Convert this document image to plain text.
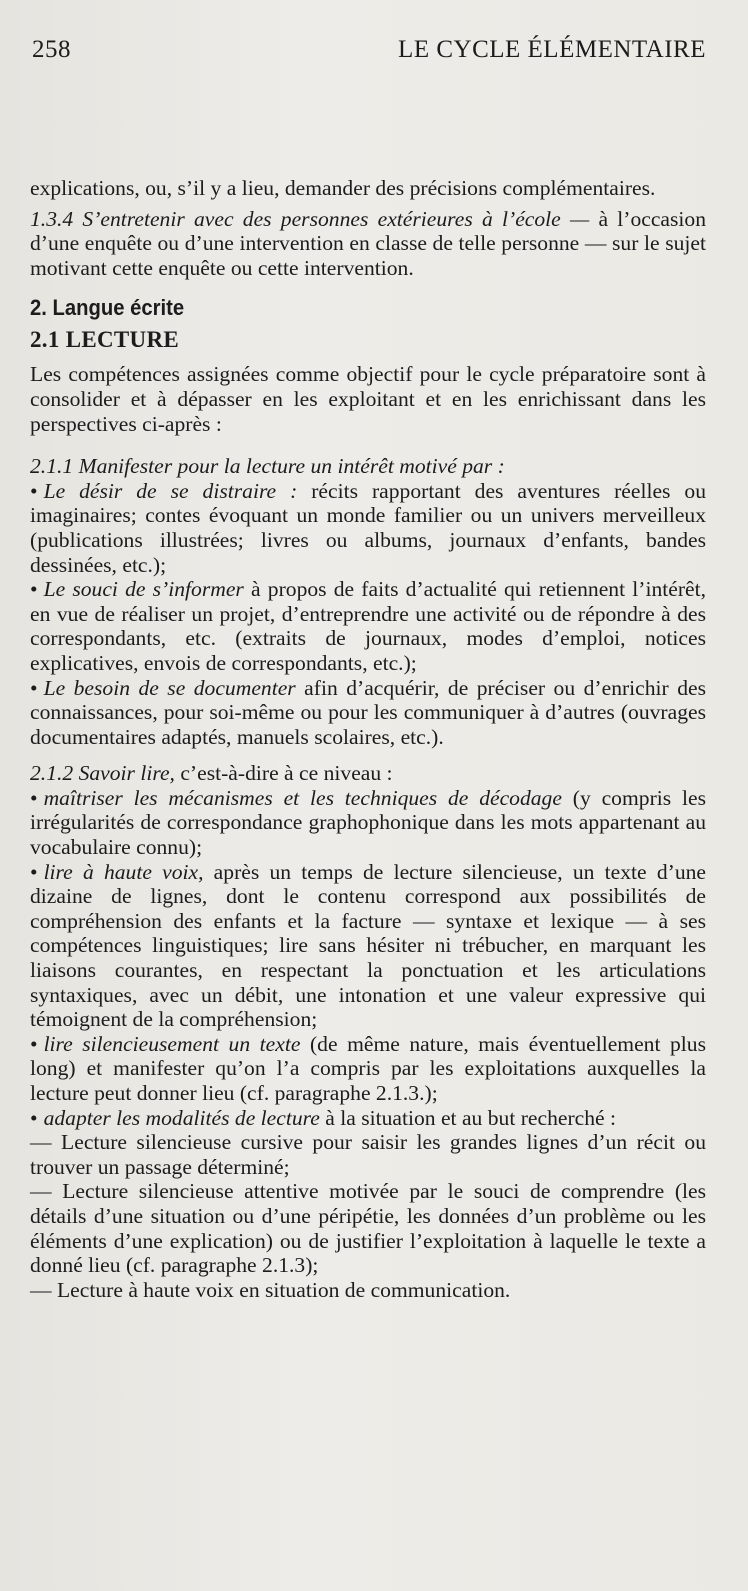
258	LE CYCLE ÉLÉMENTAIRE

explications, ou, s’il y a lieu, demander des précisions complémentaires.

1.3.4 S’entretenir avec des personnes extérieures à l’école — à l’occasion d’une enquête ou d’une intervention en classe de telle personne — sur le sujet motivant cette enquête ou cette intervention.

2. Langue écrite
2.1 LECTURE

Les compétences assignées comme objectif pour le cycle préparatoire sont à consolider et à dépasser en les exploitant et en les enrichissant dans les perspectives ci-après :

2.1.1 Manifester pour la lecture un intérêt motivé par :

• Le désir de se distraire : récits rapportant des aventures réelles ou imaginaires; contes évoquant un monde familier ou un univers merveilleux (publications illustrées; livres ou albums, journaux d’enfants, bandes dessinées, etc.);

• Le souci de s’informer à propos de faits d’actualité qui retiennent l’intérêt, en vue de réaliser un projet, d’entreprendre une activité ou de répondre à des correspondants, etc. (extraits de journaux, modes d’emploi, notices explicatives, envois de correspondants, etc.);

• Le besoin de se documenter afin d’acquérir, de préciser ou d’enrichir des connaissances, pour soi-même ou pour les communiquer à d’autres (ouvrages documentaires adaptés, manuels scolaires, etc.).

2.1.2 Savoir lire, c’est-à-dire à ce niveau :

• maîtriser les mécanismes et les techniques de décodage (y compris les irrégularités de correspondance graphophonique dans les mots appartenant au vocabulaire connu);

• lire à haute voix, après un temps de lecture silencieuse, un texte d’une dizaine de lignes, dont le contenu correspond aux possibilités de compréhension des enfants et la facture — syntaxe et lexique — à ses compétences linguistiques; lire sans hésiter ni trébucher, en marquant les liaisons courantes, en respectant la ponctuation et les articulations syntaxiques, avec un débit, une intonation et une valeur expressive qui témoignent de la compréhension;

• lire silencieusement un texte (de même nature, mais éventuellement plus long) et manifester qu’on l’a compris par les exploitations auxquelles la lecture peut donner lieu (cf. paragraphe 2.1.3.);

• adapter les modalités de lecture à la situation et au but recherché :

— Lecture silencieuse cursive pour saisir les grandes lignes d’un récit ou trouver un passage déterminé;

— Lecture silencieuse attentive motivée par le souci de comprendre (les détails d’une situation ou d’une péripétie, les données d’un problème ou les éléments d’une explication) ou de justifier l’exploitation à laquelle le texte a donné lieu (cf. paragraphe 2.1.3);

— Lecture à haute voix en situation de communication.
